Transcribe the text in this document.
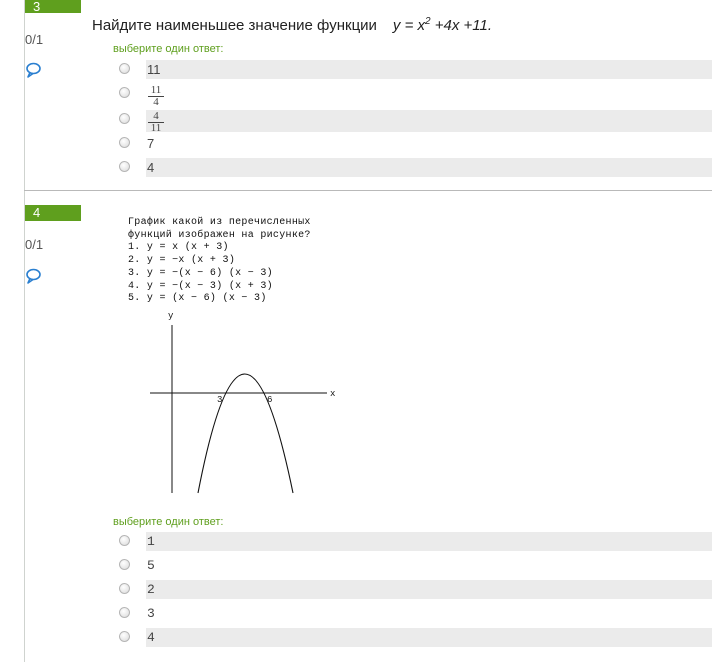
3
0/1
Найдите наименьшее значение функции $y = x^2 +4x +11$.
выберите один ответ:
11
$\frac{11}{4}$
$\frac{4}{11}$
7
4
4
0/1
График какой из перечисленных
функций изображен на рисунке?
1. y = x (x + 3)
2. y = −x (x + 3)
3. y = −(x − 6) (x − 3)
4. y = −(x − 3) (x + 3)
5. y = (x − 6) (x − 3)
y
x
3	6
выберите один ответ:
1
5
2
3
4
